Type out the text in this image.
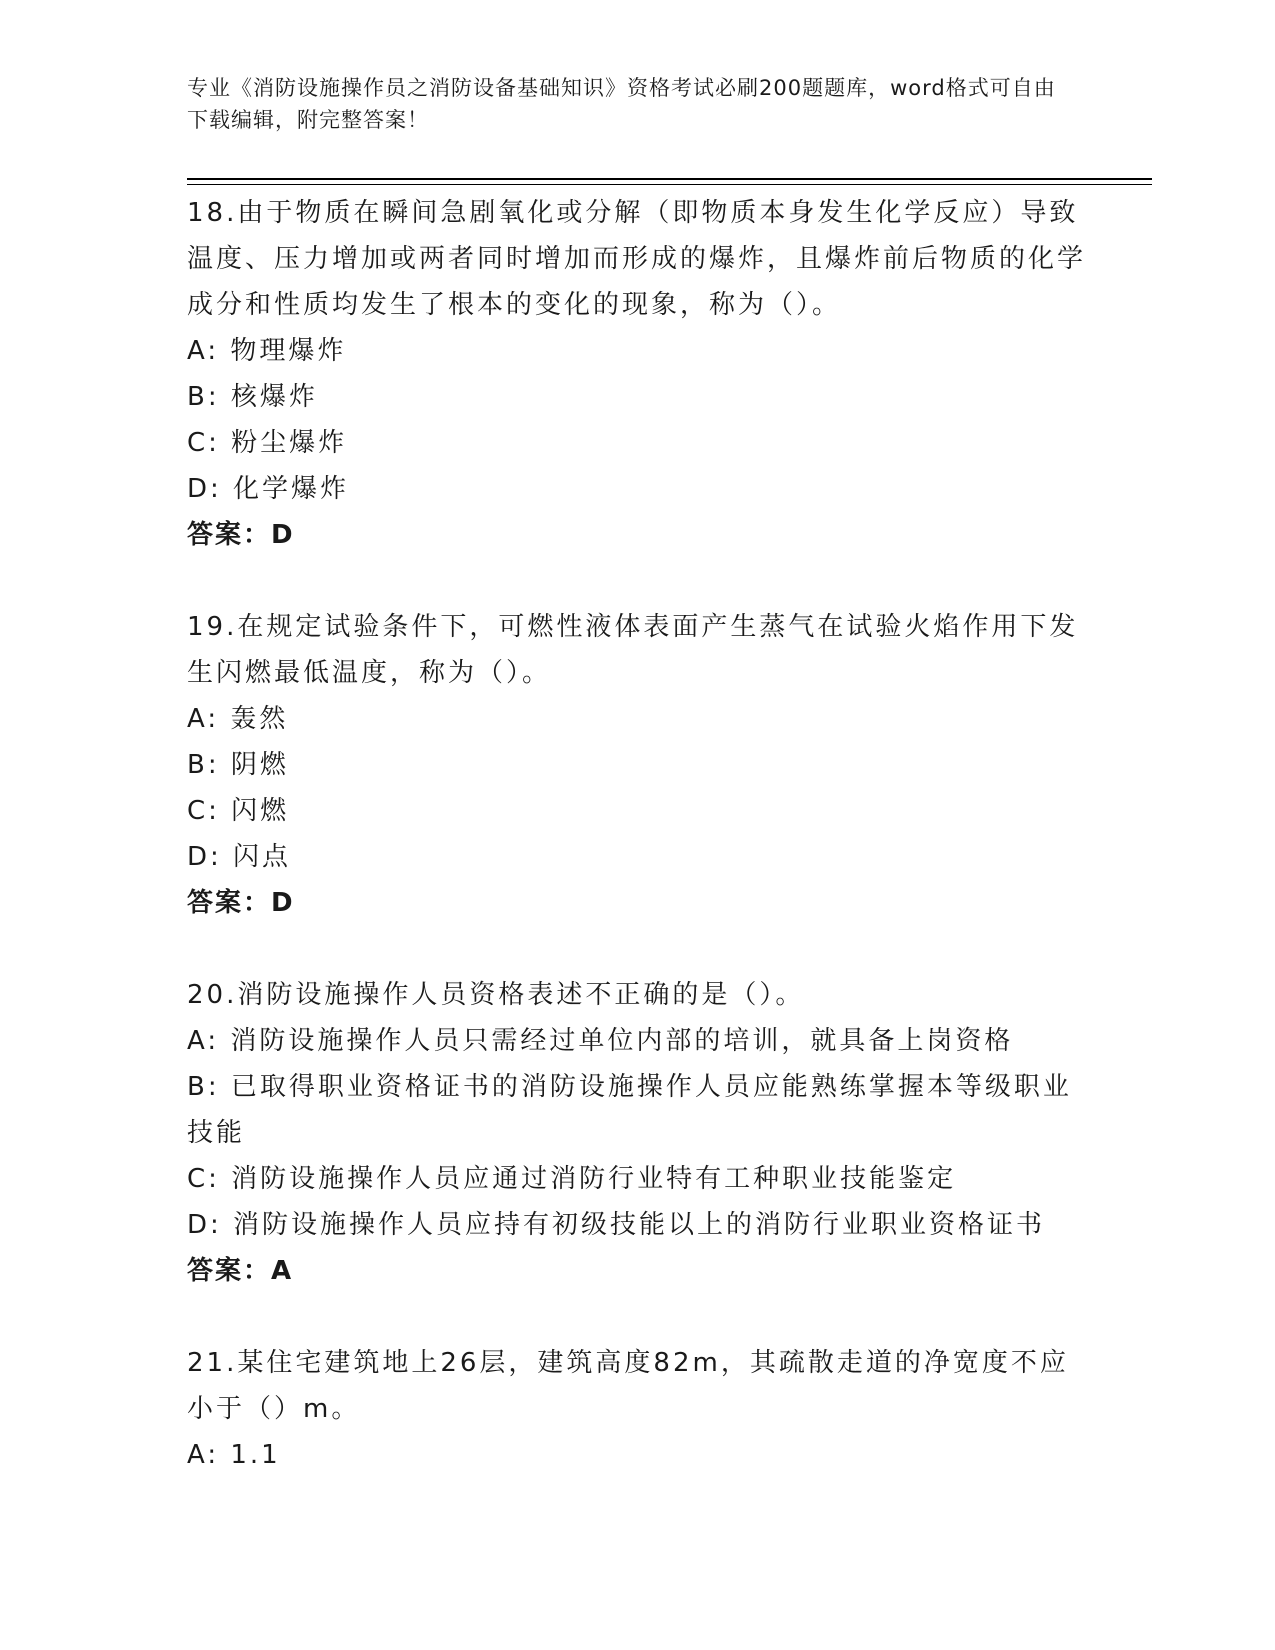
专业《消防设施操作员之消防设备基础知识》资格考试必刷200题题库，word格式可自由下载编辑，附完整答案！
18.由于物质在瞬间急剧氧化或分解（即物质本身发生化学反应）导致温度、压力增加或两者同时增加而形成的爆炸，且爆炸前后物质的化学成分和性质均发生了根本的变化的现象，称为（）。
A: 物理爆炸
B: 核爆炸
C: 粉尘爆炸
D: 化学爆炸
答案：D
19.在规定试验条件下，可燃性液体表面产生蒸气在试验火焰作用下发生闪燃最低温度，称为（）。
A: 轰然
B: 阴燃
C: 闪燃
D: 闪点
答案：D
20.消防设施操作人员资格表述不正确的是（）。
A: 消防设施操作人员只需经过单位内部的培训，就具备上岗资格
B: 已取得职业资格证书的消防设施操作人员应能熟练掌握本等级职业技能
C: 消防设施操作人员应通过消防行业特有工种职业技能鉴定
D: 消防设施操作人员应持有初级技能以上的消防行业职业资格证书
答案：A
21.某住宅建筑地上26层，建筑高度82m，其疏散走道的净宽度不应小于（）m。
A: 1.1
